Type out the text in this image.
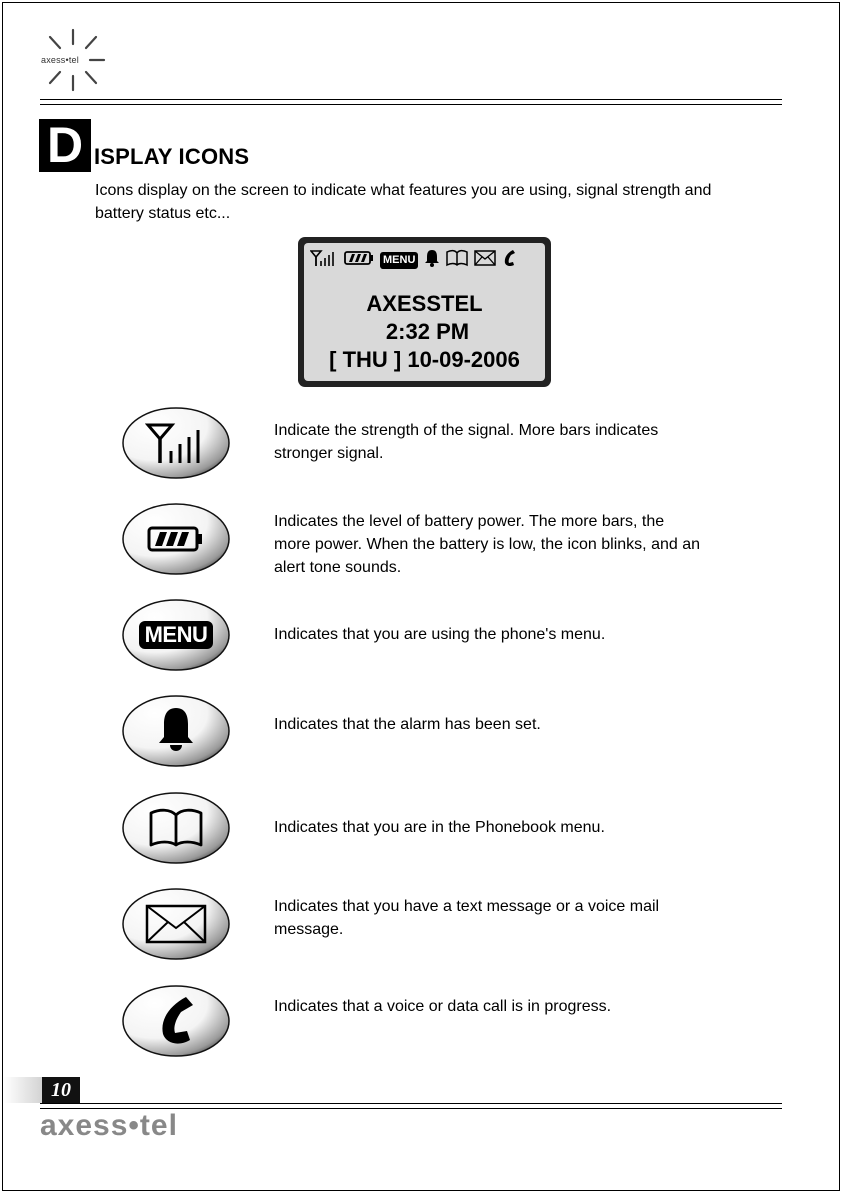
axess•tel
D ISPLAY ICONS
Icons display on the screen to indicate what features you are using, signal strength and battery status etc...
MENU
AXESSTEL
2:32 PM
[ THU ] 10-09-2006
Indicate the strength of the signal. More bars indicates stronger signal.
Indicates the level of battery power. The more bars, the more power. When the battery is low, the icon blinks, and an alert tone sounds.
MENU	Indicates that you are using the phone's menu.
Indicates that the alarm has been set.
Indicates that you are in the Phonebook menu.
Indicates that you have a text message or a voice mail message.
Indicates that a voice or data call is in progress.
10
axess•tel
